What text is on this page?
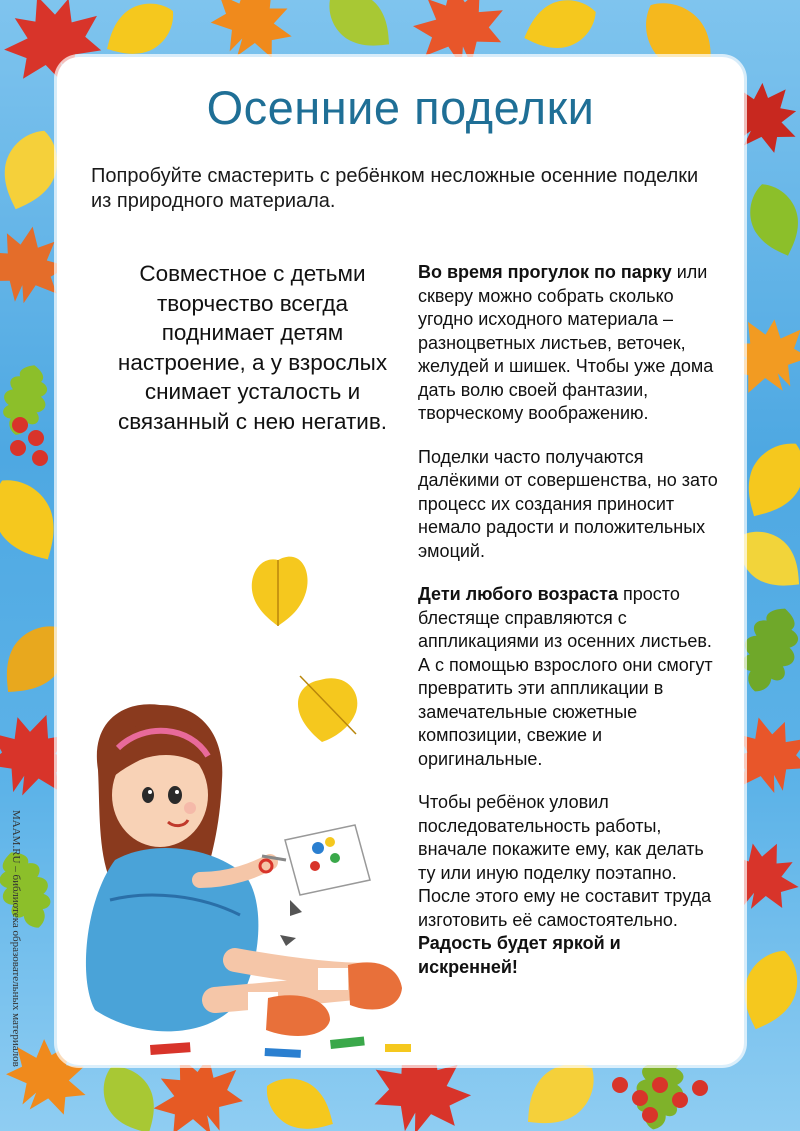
Осенние поделки
Попробуйте смастерить с ребёнком несложные осенние поделки из природного материала.
Совместное с детьми творчество всегда поднимает детям настроение, а у взрослых снимает усталость и связанный с нею негатив.

Во время прогулок по парку или скверу можно собрать сколько угодно исходного материала – разноцветных листьев, веточек, желудей и шишек. Чтобы уже дома дать волю своей фантазии, творческому воображению.

Поделки часто получаются далёкими от совершенства, но зато процесс их создания приносит немало радости и положительных эмоций.

Дети любого возраста просто блестяще справляются с аппликациями из осенних листьев. А с помощью взрослого они смогут превратить эти аппликации в замечательные сюжетные композиции, свежие и оригинальные.

Чтобы ребёнок уловил последовательность работы, вначале покажите ему, как делать ту или иную поделку поэтапно. После этого ему не составит труда изготовить её самостоятельно. Радость будет яркой и искренней!

MAAM.RU – библиотека образовательных материалов
